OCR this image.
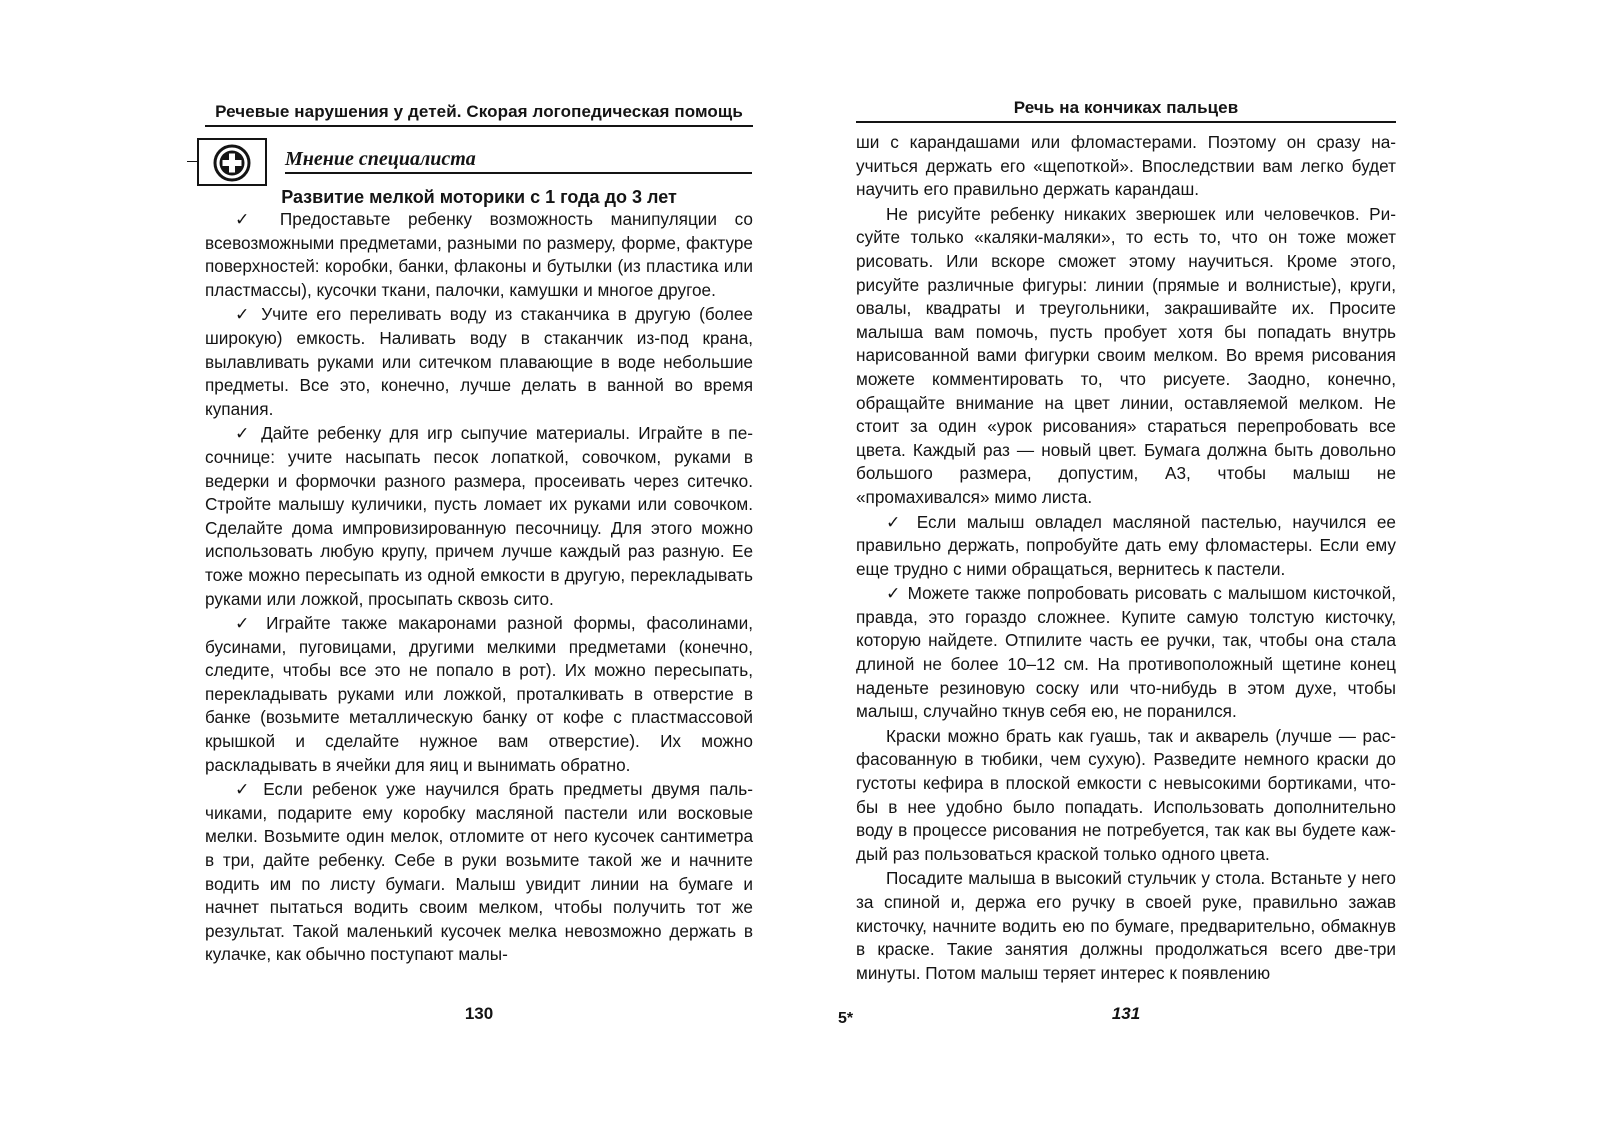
Речевые нарушения у детей. Скорая логопедическая помощь
Мнение специалиста
Развитие мелкой моторики с 1 года до 3 лет

✓ Предоставьте ребенку возможность манипуляции со всевозможными предметами, разными по размеру, форме, фактуре поверхностей: коробки, банки, флаконы и бутылки (из пластика или пластмассы), кусочки ткани, палочки, камушки и многое другое.

✓ Учите его переливать воду из стаканчика в другую (более широкую) емкость. Наливать воду в стаканчик из-под крана, вылавливать руками или ситечком плавающие в воде небольшие предметы. Все это, конечно, лучше делать в ванной во время купания.

✓ Дайте ребенку для игр сыпучие материалы. Играйте в песочнице: учите насыпать песок лопаткой, совочком, руками в ведерки и формочки разного размера, просеивать через ситечко. Стройте малышу куличики, пусть ломает их руками или совочком. Сделайте дома импровизированную песочницу. Для этого можно использовать любую крупу, причем лучше каждый раз разную. Ее тоже можно пересыпать из одной емкости в другую, перекладывать руками или ложкой, просыпать сквозь сито.

✓ Играйте также макаронами разной формы, фасолинами, бусинами, пуговицами, другими мелкими предметами (конечно, следите, чтобы все это не попало в рот). Их можно пересыпать, перекладывать руками или ложкой, проталкивать в отверстие в банке (возьмите металлическую банку от кофе с пластмассовой крышкой и сделайте нужное вам отверстие). Их можно раскладывать в ячейки для яиц и вынимать обратно.

✓ Если ребенок уже научился брать предметы двумя пальчиками, подарите ему коробку масляной пастели или восковые мелки. Возьмите один мелок, отломите от него кусочек сантиметра в три, дайте ребенку. Себе в руки возьмите такой же и начните водить им по листу бумаги. Малыш увидит линии на бумаге и начнет пытаться водить своим мелком, чтобы получить тот же результат. Такой маленький кусочек мелка невозможно держать в кулачке, как обычно поступают малы-

130
Речь на кончиках пальцев

ши с карандашами или фломастерами. Поэтому он сразу научиться держать его «щепоткой». Впоследствии вам легко будет научить его правильно держать карандаш.

Не рисуйте ребенку никаких зверюшек или человечков. Рисуйте только «каляки-маляки», то есть то, что он тоже может рисовать. Или вскоре сможет этому научиться. Кроме этого, рисуйте различные фигуры: линии (прямые и волнистые), круги, овалы, квадраты и треугольники, закрашивайте их. Просите малыша вам помочь, пусть пробует хотя бы попадать внутрь нарисованной вами фигурки своим мелком. Во время рисования можете комментировать то, что рисуете. Заодно, конечно, обращайте внимание на цвет линии, оставляемой мелком. Не стоит за один «урок рисования» стараться перепробовать все цвета. Каждый раз — новый цвет. Бумага должна быть довольно большого размера, допустим, А3, чтобы малыш не «промахивался» мимо листа.

✓ Если малыш овладел масляной пастелью, научился ее правильно держать, попробуйте дать ему фломастеры. Если ему еще трудно с ними обращаться, вернитесь к пастели.

✓ Можете также попробовать рисовать с малышом кисточкой, правда, это гораздо сложнее. Купите самую толстую кисточку, которую найдете. Отпилите часть ее ручки, так, чтобы она стала длиной не более 10–12 см. На противоположный щетине конец наденьте резиновую соску или что-нибудь в этом духе, чтобы малыш, случайно ткнув себя ею, не поранился.

Краски можно брать как гуашь, так и акварель (лучше — расфасованную в тюбики, чем сухую). Разведите немного краски до густоты кефира в плоской емкости с невысокими бортиками, чтобы в нее удобно было попадать. Использовать дополнительно воду в процессе рисования не потребуется, так как вы будете каждый раз пользоваться краской только одного цвета.

Посадите малыша в высокий стульчик у стола. Встаньте у него за спиной и, держа его ручку в своей руке, правильно зажав кисточку, начните водить ею по бумаге, предварительно, обмакнув в краске. Такие занятия должны продолжаться всего две-три минуты. Потом малыш теряет интерес к появлению

5*	131
